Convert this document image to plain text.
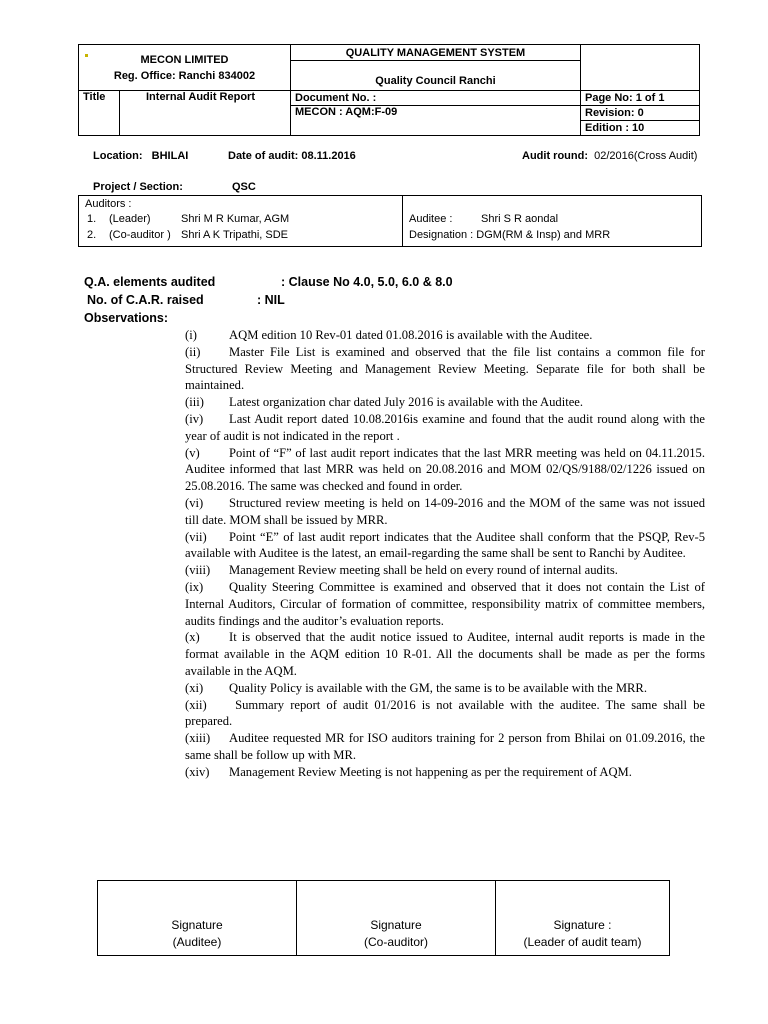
MECON LIMITED
Reg. Office: Ranchi 834002		QUALITY MANAGEMENT SYSTEM	
		Quality Council Ranchi	
Title	Internal Audit Report	Document No. :	Page No: 1 of 1
		MECON : AQM:F-09	Revision: 0
			Edition : 10
Location: BHILAI	Date of audit: 08.11.2016	Audit round: 02/2016(Cross Audit)
Project / Section:	QSC
Auditors :
1. (Leader)	Shri M R Kumar, AGM
2. (Co-auditor ) Shri A K Tripathi, SDE
Auditee :	Shri S R aondal
Designation : DGM(RM & Insp) and MRR
Q.A. elements audited	: Clause No 4.0, 5.0, 6.0 & 8.0
No. of C.A.R. raised	: NIL
Observations:

(i)	AQM edition 10 Rev-01 dated 01.08.2016 is available with the Auditee.

(ii) Master File List is examined and observed that the file list contains a common file for Structured Review Meeting and Management Review Meeting. Separate file for both shall be maintained.

(iii) Latest organization char dated July 2016 is available with the Auditee.

(iv) Last Audit report dated 10.08.2016is examine and found that the audit round along with the year of audit is not indicated in the report .

(v) Point of “F” of last audit report indicates that the last MRR meeting was held on 04.11.2015. Auditee informed that last MRR was held on 20.08.2016 and MOM 02/QS/9188/02/1226 issued on 25.08.2016. The same was checked and found in order.

(vi) Structured review meeting is held on 14-09-2016 and the MOM of the same was not issued till date. MOM shall be issued by MRR.

(vii) Point “E” of last audit report indicates that the Auditee shall conform that the PSQP, Rev-5 available with Auditee is the latest, an email-regarding the same shall be sent to Ranchi by Auditee.

(viii) Management Review meeting shall be held on every round of internal audits.

(ix) Quality Steering Committee is examined and observed that it does not contain the List of Internal Auditors, Circular of formation of committee, responsibility matrix of committee members, audits findings and the auditor’s evaluation reports.

(x) It is observed that the audit notice issued to Auditee, internal audit reports is made in the format available in the AQM edition 10 R-01. All the documents shall be made as per the forms available in the AQM.

(xi) Quality Policy is available with the GM, the same is to be available with the MRR.

(xii) Summary report of audit 01/2016 is not available with the auditee. The same shall be prepared.

(xiii) Auditee requested MR for ISO auditors training for 2 person from Bhilai on 01.09.2016, the same shall be follow up with MR.

(xiv) Management Review Meeting is not happening as per the requirement of AQM.

Signature
(Auditee)

Signature
(Co-auditor)

Signature :
(Leader of audit team)
